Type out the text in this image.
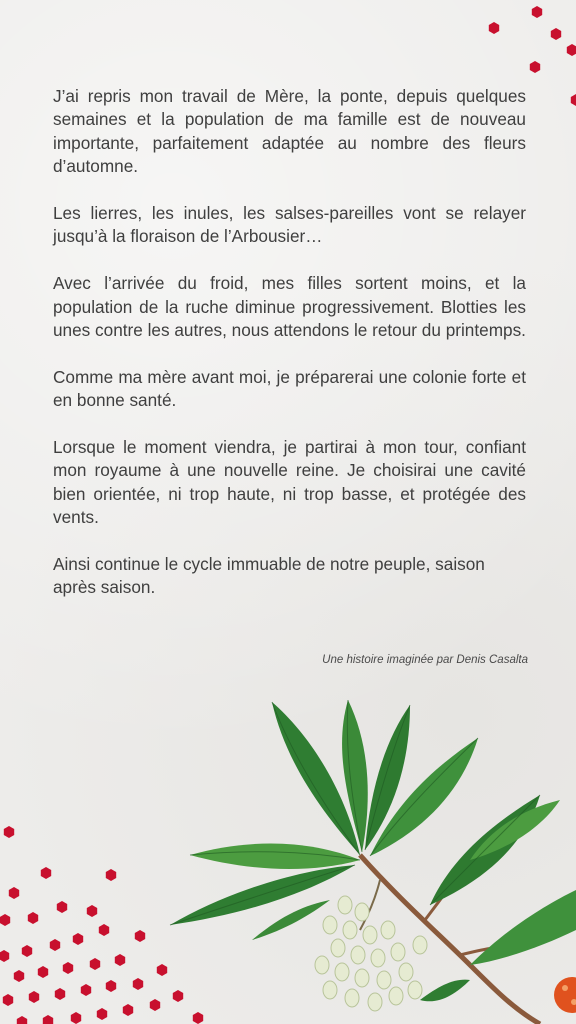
J’ai repris mon travail de Mère, la ponte, depuis quelques semaines et la population de ma famille est de nouveau importante, parfaitement adaptée au nombre des fleurs d’automne.

Les lierres, les inules, les salses-pareilles vont se relayer jusqu’à la floraison de l’Arbousier…

Avec l’arrivée du froid, mes filles sortent moins, et la population de la ruche diminue progressivement. Blotties les unes contre les autres, nous attendons le retour du printemps.

Comme ma mère avant moi, je préparerai une colonie forte et en bonne santé.

Lorsque le moment viendra, je partirai à mon tour, confiant mon royaume à une nouvelle reine. Je choisirai une cavité bien orientée, ni trop haute, ni trop basse, et protégée des vents.

Ainsi continue le cycle immuable de notre peuple, saison après saison.

Une histoire imaginée par Denis Casalta
